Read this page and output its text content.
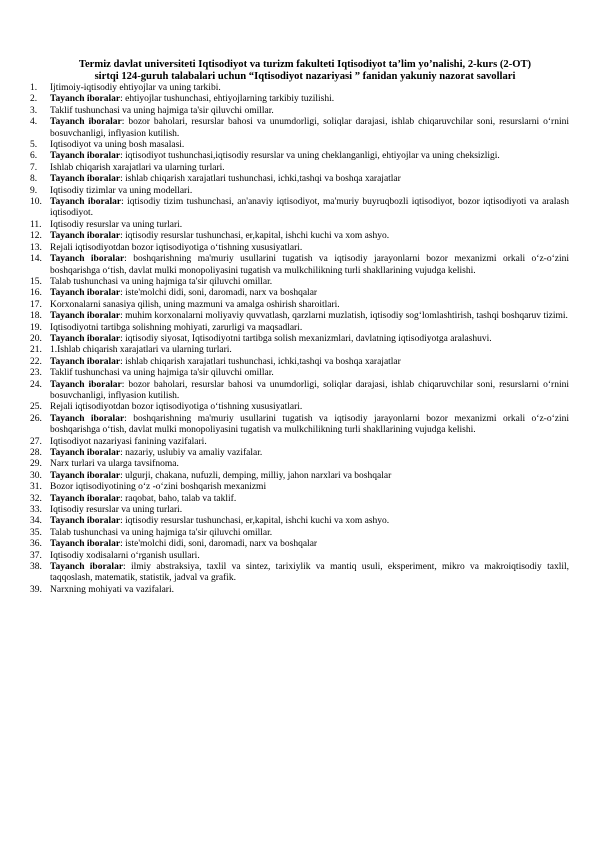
Termiz davlat universiteti Iqtisodiyot va turizm fakulteti Iqtisodiyot ta’lim yo’nalishi, 2-kurs (2-OT)
sirtqi 124-guruh talabalari uchun “Iqtisodiyot nazariyasi ” fanidan yakuniy nazorat savollari
1.	Ijtimoiy-iqtisodiy ehtiyojlar va uning tarkibi.
2.	Tayanch iboralar: ehtiyojlar tushunchasi, ehtiyojlarning tarkibiy tuzilishi.
3.	Taklif tushunchasi va uning hajmiga ta'sir qiluvchi omillar.
4.	Tayanch iboralar: bozor baholari, resurslar bahosi va unumdorligi, soliqlar darajasi, ishlab chiqaruvchilar soni, resurslarni o‘rnini bosuvchanligi, inflyasion kutilish.
5.	Iqtisodiyot va uning bosh masalasi.
6.	Tayanch iboralar: iqtisodiyot tushunchasi,iqtisodiy resurslar va uning cheklanganligi, ehtiyojlar va uning cheksizligi.
7.	Ishlab chiqarish xarajatlari va ularning turlari.
8.	Tayanch iboralar: ishlab chiqarish xarajatlari tushunchasi, ichki,tashqi va boshqa xarajatlar
9.	Iqtisodiy tizimlar va uning modellari.
10. Tayanch iboralar: iqtisodiy tizim tushunchasi, an'anaviy iqtisodiyot, ma'muriy buyruqbozli iqtisodiyot, bozor iqtisodiyoti va aralash iqtisodiyot.
11. Iqtisodiy resurslar va uning turlari.
12. Tayanch iboralar: iqtisodiy resurslar tushunchasi, er,kapital, ishchi kuchi va xom ashyo.
13. Rejali iqtisodiyotdan bozor iqtisodiyotiga o‘tishning xususiyatlari.
14. Tayanch iboralar: boshqarishning ma'muriy usullarini tugatish va iqtisodiy jarayonlarni bozor mexanizmi orkali o‘z-o‘zini boshqarishga o‘tish, davlat mulki monopoliyasini tugatish va mulkchilikning turli shakllarining vujudga kelishi.
15. Talab tushunchasi va uning hajmiga ta'sir qiluvchi omillar.
16. Tayanch iboralar: iste'molchi didi, soni, daromadi, narx va boshqalar
17. Korxonalarni sanasiya qilish, uning mazmuni va amalga oshirish sharoitlari.
18. Tayanch iboralar: muhim korxonalarni moliyaviy quvvatlash, qarzlarni muzlatish, iqtisodiy sog‘lomlashtirish, tashqi boshqaruv tizimi.
19. Iqtisodiyotni tartibga solishning mohiyati, zarurligi va maqsadlari.
20. Tayanch iboralar: iqtisodiy siyosat, Iqtisodiyotni tartibga solish mexanizmlari, davlatning iqtisodiyotga aralashuvi.
21. 1.Ishlab chiqarish xarajatlari va ularning turlari.
22. Tayanch iboralar: ishlab chiqarish xarajatlari tushunchasi, ichki,tashqi va boshqa xarajatlar
23. Taklif tushunchasi va uning hajmiga ta'sir qiluvchi omillar.
24. Tayanch iboralar: bozor baholari, resurslar bahosi va unumdorligi, soliqlar darajasi, ishlab chiqaruvchilar soni, resurslarni o‘rnini bosuvchanligi, inflyasion kutilish.
25. Rejali iqtisodiyotdan bozor iqtisodiyotiga o‘tishning xususiyatlari.
26. Tayanch iboralar: boshqarishning ma'muriy usullarini tugatish va iqtisodiy jarayonlarni bozor mexanizmi orkali o‘z-o‘zini boshqarishga o‘tish, davlat mulki monopoliyasini tugatish va mulkchilikning turli shakllarining vujudga kelishi.
27. Iqtisodiyot nazariyasi fanining vazifalari.
28. Tayanch iboralar: nazariy, uslubiy va amaliy vazifalar.
29. Narx turlari va ularga tavsifnoma.
30. Tayanch iboralar: ulgurji, chakana, nufuzli, demping, milliy, jahon narxlari va boshqalar
31. Bozor iqtisodiyotining o‘z -o‘zini boshqarish mexanizmi
32. Tayanch iboralar: raqobat, baho, talab va taklif.
33. Iqtisodiy resurslar va uning turlari.
34. Tayanch iboralar: iqtisodiy resurslar tushunchasi, er,kapital, ishchi kuchi va xom ashyo.
35. Talab tushunchasi va uning hajmiga ta'sir qiluvchi omillar.
36. Tayanch iboralar: iste'molchi didi, soni, daromadi, narx va boshqalar
37. Iqtisodiy xodisalarni o‘rganish usullari.
38. Tayanch iboralar: ilmiy abstraksiya, taxlil va sintez, tarixiylik va mantiq usuli, eksperiment, mikro va makroiqtisodiy taxlil, taqqoslash, matematik, statistik, jadval va grafik.
39. Narxning mohiyati va vazifalari.
